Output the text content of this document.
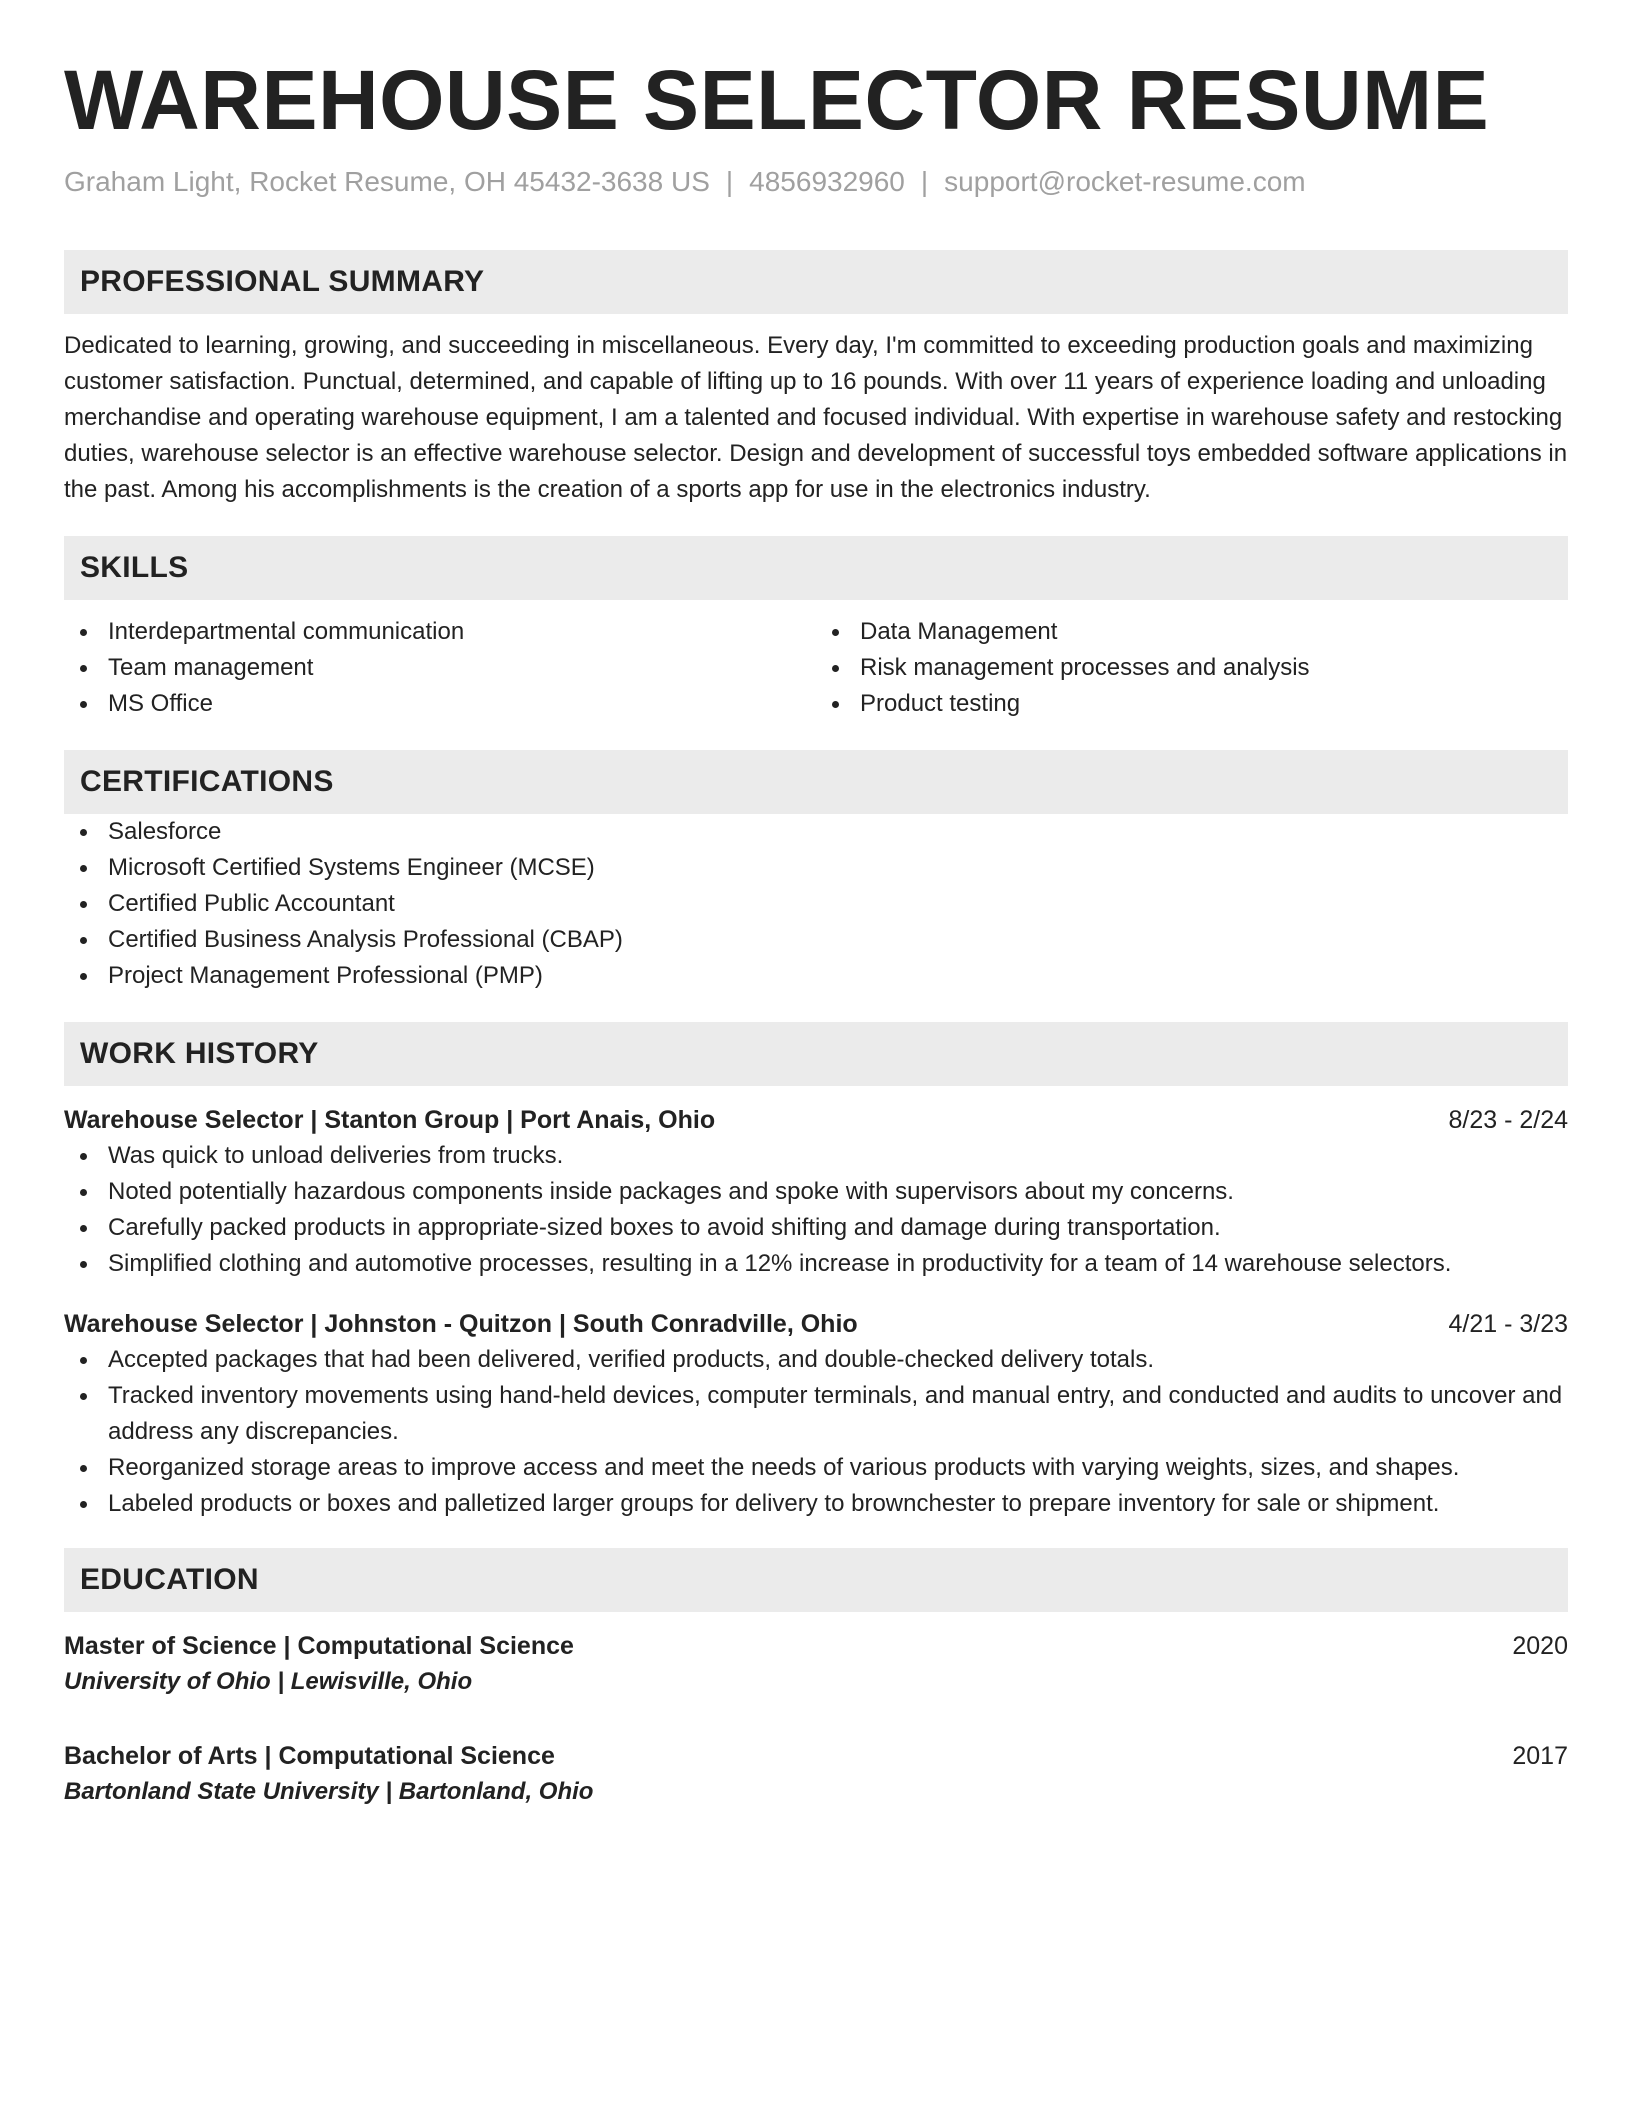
WAREHOUSE SELECTOR RESUME
Graham Light, Rocket Resume, OH 45432-3638 US | 4856932960 | support@rocket-resume.com
PROFESSIONAL SUMMARY

Dedicated to learning, growing, and succeeding in miscellaneous. Every day, I'm committed to exceeding production goals and maximizing customer satisfaction. Punctual, determined, and capable of lifting up to 16 pounds. With over 11 years of experience loading and unloading merchandise and operating warehouse equipment, I am a talented and focused individual. With expertise in warehouse safety and restocking duties, warehouse selector is an effective warehouse selector. Design and development of successful toys embedded software applications in the past. Among his accomplishments is the creation of a sports app for use in the electronics industry.

SKILLS
Interdepartmental communication
Team management
MS Office
Data Management
Risk management processes and analysis
Product testing
CERTIFICATIONS
Salesforce
Microsoft Certified Systems Engineer (MCSE)
Certified Public Accountant
Certified Business Analysis Professional (CBAP)
Project Management Professional (PMP)
WORK HISTORY
Warehouse Selector | Stanton Group | Port Anais, Ohio	8/23 - 2/24
Was quick to unload deliveries from trucks.
Noted potentially hazardous components inside packages and spoke with supervisors about my concerns.
Carefully packed products in appropriate-sized boxes to avoid shifting and damage during transportation.
Simplified clothing and automotive processes, resulting in a 12% increase in productivity for a team of 14 warehouse selectors.
Warehouse Selector | Johnston - Quitzon | South Conradville, Ohio	4/21 - 3/23
Accepted packages that had been delivered, verified products, and double-checked delivery totals.
Tracked inventory movements using hand-held devices, computer terminals, and manual entry, and conducted and audits to uncover and address any discrepancies.
Reorganized storage areas to improve access and meet the needs of various products with varying weights, sizes, and shapes.
Labeled products or boxes and palletized larger groups for delivery to brownchester to prepare inventory for sale or shipment.
EDUCATION
Master of Science | Computational Science	2020
University of Ohio | Lewisville, Ohio
Bachelor of Arts | Computational Science	2017
Bartonland State University | Bartonland, Ohio
